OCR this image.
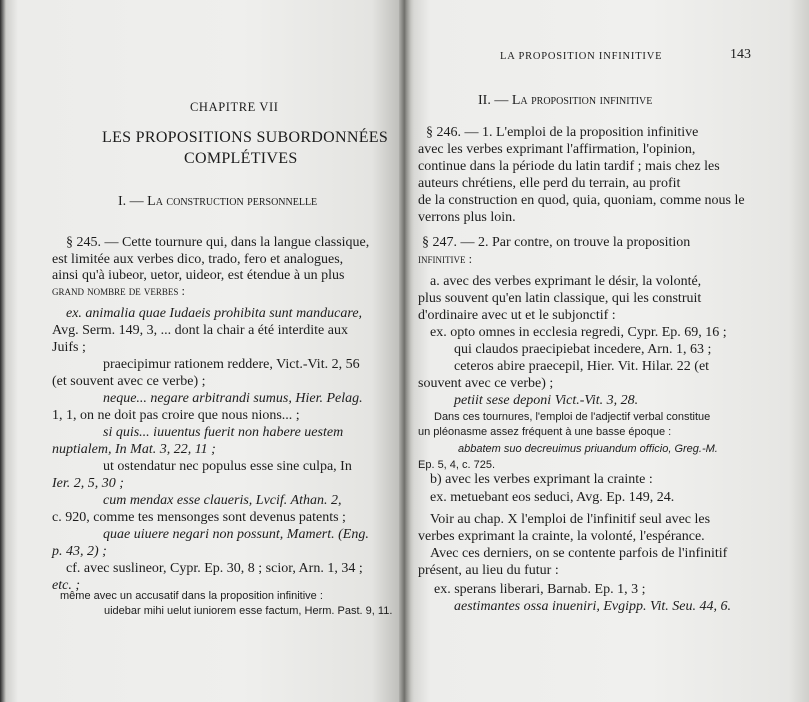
CHAPITRE VII
LES PROPOSITIONS SUBORDONNÉES
COMPLÉTIVES
I. — La construction personnelle
§ 245. — Cette tournure qui, dans la langue classique,
est limitée aux verbes dico, trado, fero et analogues,
ainsi qu'à iubeor, uetor, uideor, est étendue à un plus
grand nombre de verbes :
ex. animalia quae Iudaeis prohibita sunt manducare,
Avg. Serm. 149, 3, ... dont la chair a été interdite aux
Juifs ;
praecipimur rationem reddere, Vict.-Vit. 2, 56
(et souvent avec ce verbe) ;
neque... negare arbitrandi sumus, Hier. Pelag.
1, 1, on ne doit pas croire que nous nions... ;
si quis... iuuentus fuerit non habere uestem
nuptialem, In Mat. 3, 22, 11 ;
ut ostendatur nec populus esse sine culpa, In
Ier. 2, 5, 30 ;
cum mendax esse claueris, Lvcif. Athan. 2,
c. 920, comme tes mensonges sont devenus patents ;
quae uiuere negari non possunt, Mamert. (Eng.
p. 43, 2) ;
cf. avec suslineor, Cypr. Ep. 30, 8 ; scior, Arn. 1, 34 ;
etc. ;
même avec un accusatif dans la proposition infinitive :
uidebar mihi uelut iuniorem esse factum, Herm. Past. 9, 11.
LA PROPOSITION INFINITIVE	143
II. — La proposition infinitive
§ 246. — 1. L'emploi de la proposition infinitive
avec les verbes exprimant l'affirmation, l'opinion,
continue dans la période du latin tardif ; mais chez les
auteurs chrétiens, elle perd du terrain, au profit
de la construction en quod, quia, quoniam, comme nous le
verrons plus loin.
§ 247. — 2. Par contre, on trouve la proposition
infinitive :
a. avec des verbes exprimant le désir, la volonté,
plus souvent qu'en latin classique, qui les construit
d'ordinaire avec ut et le subjonctif :
ex. opto omnes in ecclesia regredi, Cypr. Ep. 69, 16 ;
qui claudos praecipiebat incedere, Arn. 1, 63 ;
ceteros abire praecepil, Hier. Vit. Hilar. 22 (et
souvent avec ce verbe) ;
petiit sese deponi Vict.-Vit. 3, 28.
Dans ces tournures, l'emploi de l'adjectif verbal constitue
un pléonasme assez fréquent à une basse époque :
abbatem suo decreuimus priuandum officio, Greg.-M.
Ep. 5, 4, c. 725.
b) avec les verbes exprimant la crainte :
ex. metuebant eos seduci, Avg. Ep. 149, 24.
Voir au chap. X l'emploi de l'infinitif seul avec les
verbes exprimant la crainte, la volonté, l'espérance.
Avec ces derniers, on se contente parfois de l'infinitif
présent, au lieu du futur :
ex. sperans liberari, Barnab. Ep. 1, 3 ;
aestimantes ossa inueniri, Evgipp. Vit. Seu. 44, 6.
